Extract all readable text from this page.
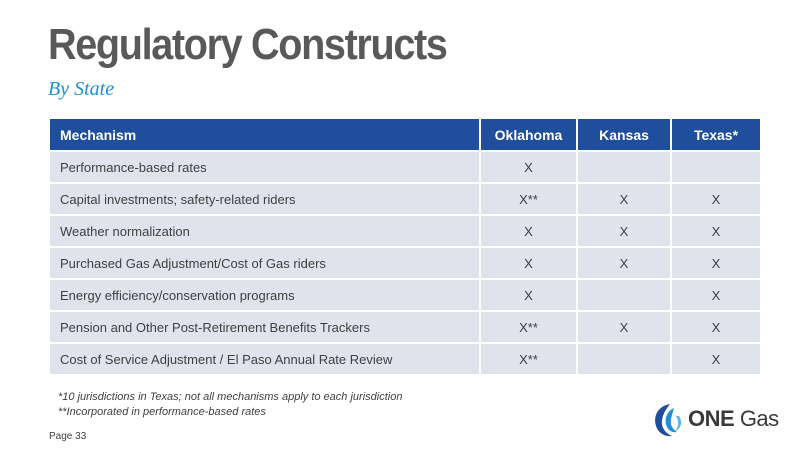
Regulatory Constructs
By State
Mechanism	Oklahoma	Kansas	Texas*
Performance-based rates	X		
Capital investments; safety-related riders	X**	X	X
Weather normalization	X	X	X
Purchased Gas Adjustment/Cost of Gas riders	X	X	X
Energy efficiency/conservation programs	X		X
Pension and Other Post-Retirement Benefits Trackers	X**	X	X
Cost of Service Adjustment / El Paso Annual Rate Review	X**		X
*10 jurisdictions in Texas; not all mechanisms apply to each jurisdiction
**Incorporated in performance-based rates
Page 33
ONE Gas
